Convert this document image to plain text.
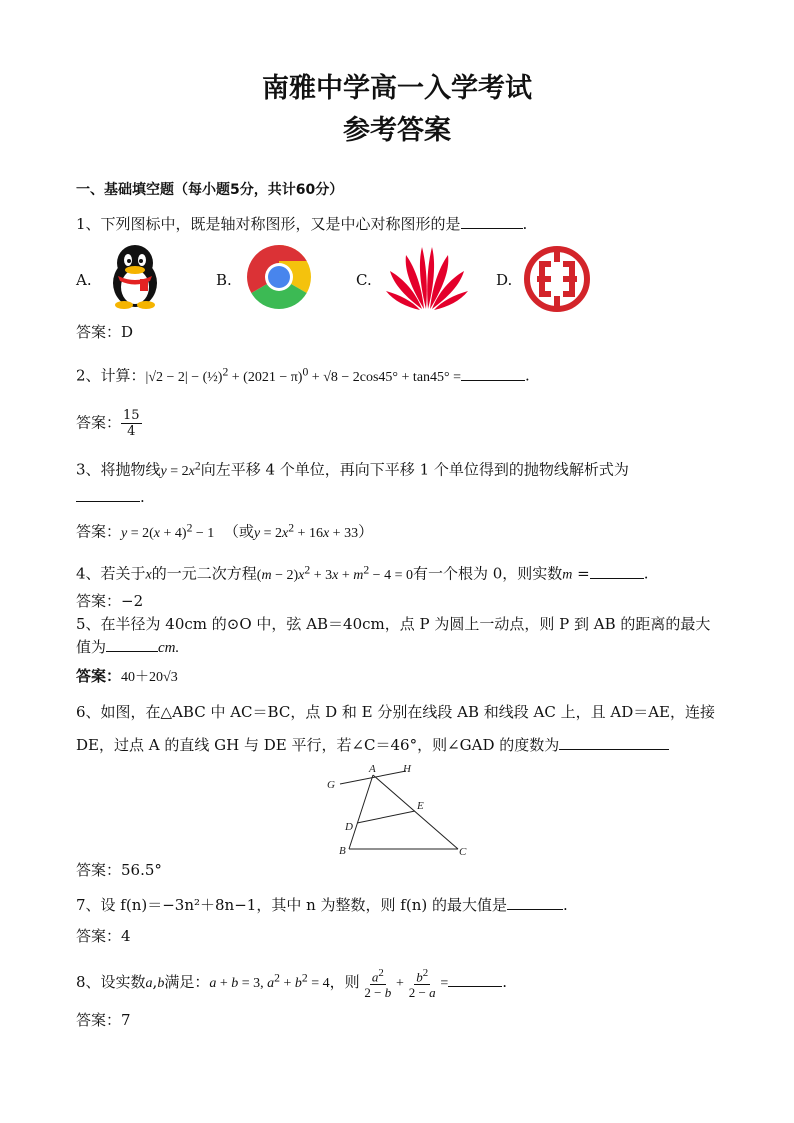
南雅中学高一入学考试
参考答案
一、基础填空题（每小题5分，共计60分）
1、下列图标中，既是轴对称图形，又是中心对称图形的是	.
A.	B.	C.	D.
答案：D
2、计算：|√2 − 2| − (½)$^2$ + $(2021 - \pi)^0 + √8 - 2\cos 45^\circ + \tan 45^\circ$ =	.
答案： $\frac{15}{4}$
3、将抛物线$y = 2x^2$向左平移 4 个单位，再向下平移 1 个单位得到的抛物线解析式为
.
答案：$y = 2(x + 4)^2 - 1$ （或$y = 2x^2 + 16x + 33$）
4、若关于x的一元二次方程$(m - 2)x^2 + 3x + m^2 - 4 = 0$有一个根为 0，则实数m =	.
答案：−2
5、在半径为 40cm 的⊙O 中，弦 AB＝40cm，点 P 为圆上一动点，则 P 到 AB 的距离的最大
值为	cm.
答案：40＋20√3
6、如图，在△ABC 中 AC＝BC，点 D 和 E 分别在线段 AB 和线段 AC 上，且 AD＝AE，连接
DE，过点 A 的直线 GH 与 DE 平行，若∠C＝46°，则∠GAD 的度数为
A H
G
E
D
B	C
答案：56.5°
7、设 f(n)＝−3n²＋8n−1，其中 n 为整数，则 f(n) 的最大值是	.
答案：4
8、设实数a,b满足：a + b = 3, $a^2 + b^2 = 4$，则 $\frac{a^2}{2 - b} + \frac{b^2}{2 - a}$ =	.
答案：7
